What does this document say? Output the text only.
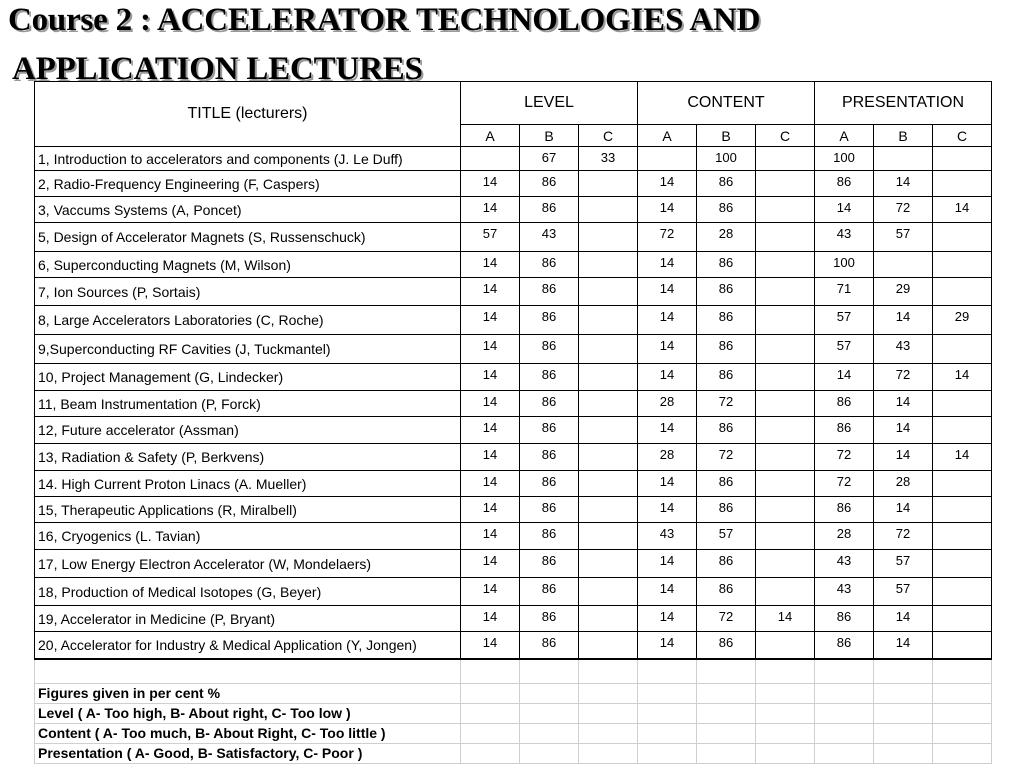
Course 2 : ACCELERATOR TECHNOLOGIES AND
APPLICATION LECTURES
TITLE (lecturers)	LEVEL			CONTENT			PRESENTATION		
	A	B	C	A	B	C	A	B	C
1, Introduction to accelerators and components (J. Le Duff)		67	33		100		100		
2, Radio-Frequency Engineering (F, Caspers)	14	86		14	86		86	14	
3, Vaccums Systems (A, Poncet)	14	86		14	86		14	72	14
5, Design of Accelerator Magnets (S, Russenschuck)	57	43		72	28		43	57	
6, Superconducting Magnets (M, Wilson)	14	86		14	86		100		
7, Ion Sources (P, Sortais)	14	86		14	86		71	29	
8, Large Accelerators Laboratories (C, Roche)	14	86		14	86		57	14	29
9,Superconducting RF Cavities (J, Tuckmantel)	14	86		14	86		57	43	
10, Project Management (G, Lindecker)	14	86		14	86		14	72	14
11, Beam Instrumentation (P, Forck)	14	86		28	72		86	14	
12, Future accelerator (Assman)	14	86		14	86		86	14	
13, Radiation & Safety (P, Berkvens)	14	86		28	72		72	14	14
14. High Current Proton Linacs (A. Mueller)	14	86		14	86		72	28	
15, Therapeutic Applications (R, Miralbell)	14	86		14	86		86	14	
16, Cryogenics (L. Tavian)	14	86		43	57		28	72	
17, Low Energy Electron Accelerator (W, Mondelaers)	14	86		14	86		43	57	
18, Production of Medical Isotopes (G, Beyer)	14	86		14	86		43	57	
19, Accelerator in Medicine (P, Bryant)	14	86		14	72	14	86	14	
20, Accelerator for Industry & Medical Application (Y, Jongen)	14	86		14	86		86	14	

Figures given in per cent %									
Level ( A- Too high, B- About right, C- Too low )									
Content ( A- Too much, B- About Right, C- Too little )									
Presentation ( A- Good, B- Satisfactory, C- Poor )									
